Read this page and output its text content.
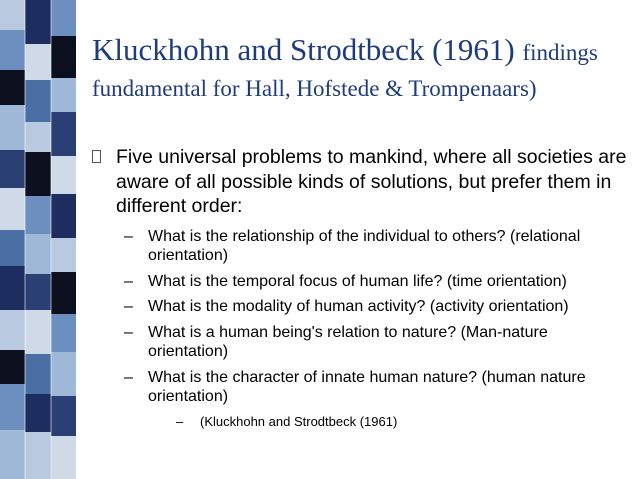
Kluckhohn and Strodtbeck (1961) findings
fundamental for Hall, Hofstede & Trompenaars)
Five universal problems to mankind, where all societies are aware of all possible kinds of solutions, but prefer them in different order:
– What is the relationship of the individual to others? (relational orientation)
– What is the temporal focus of human life? (time orientation)
– What is the modality of human activity? (activity orientation)
– What is a human being's relation to nature? (Man-nature orientation)
– What is the character of innate human nature? (human nature orientation)
– (Kluckhohn and Strodtbeck (1961)
